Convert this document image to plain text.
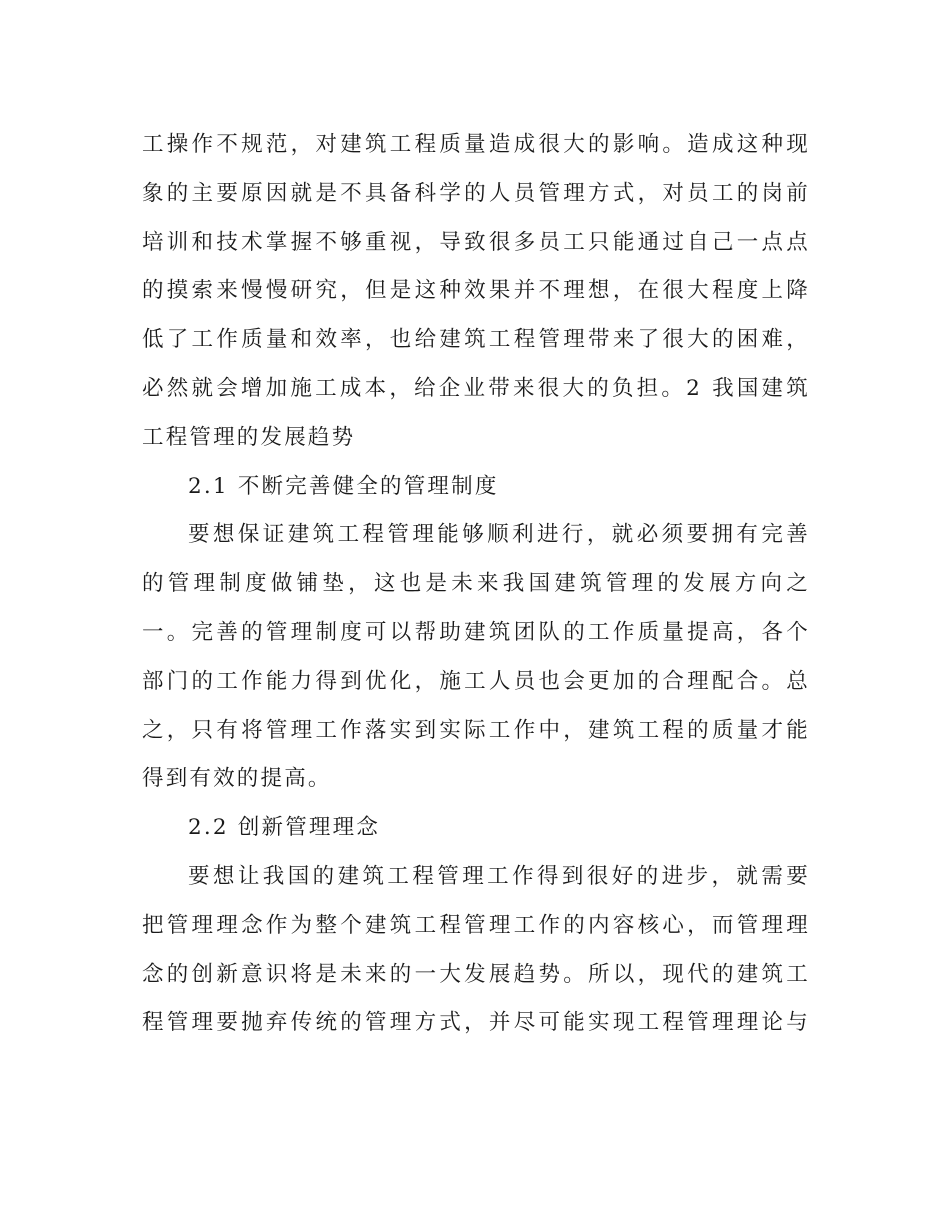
工操作不规范，对建筑工程质量造成很大的影响。造成这种现
象的主要原因就是不具备科学的人员管理方式，对员工的岗前
培训和技术掌握不够重视，导致很多员工只能通过自己一点点
的摸索来慢慢研究，但是这种效果并不理想，在很大程度上降
低了工作质量和效率，也给建筑工程管理带来了很大的困难，
必然就会增加施工成本，给企业带来很大的负担。2 我国建筑
工程管理的发展趋势
2.1 不断完善健全的管理制度
要想保证建筑工程管理能够顺利进行，就必须要拥有完善
的管理制度做铺垫，这也是未来我国建筑管理的发展方向之
一。完善的管理制度可以帮助建筑团队的工作质量提高，各个
部门的工作能力得到优化，施工人员也会更加的合理配合。总
之，只有将管理工作落实到实际工作中，建筑工程的质量才能
得到有效的提高。
2.2 创新管理理念
要想让我国的建筑工程管理工作得到很好的进步，就需要
把管理理念作为整个建筑工程管理工作的内容核心，而管理理
念的创新意识将是未来的一大发展趋势。所以，现代的建筑工
程管理要抛弃传统的管理方式，并尽可能实现工程管理理论与
